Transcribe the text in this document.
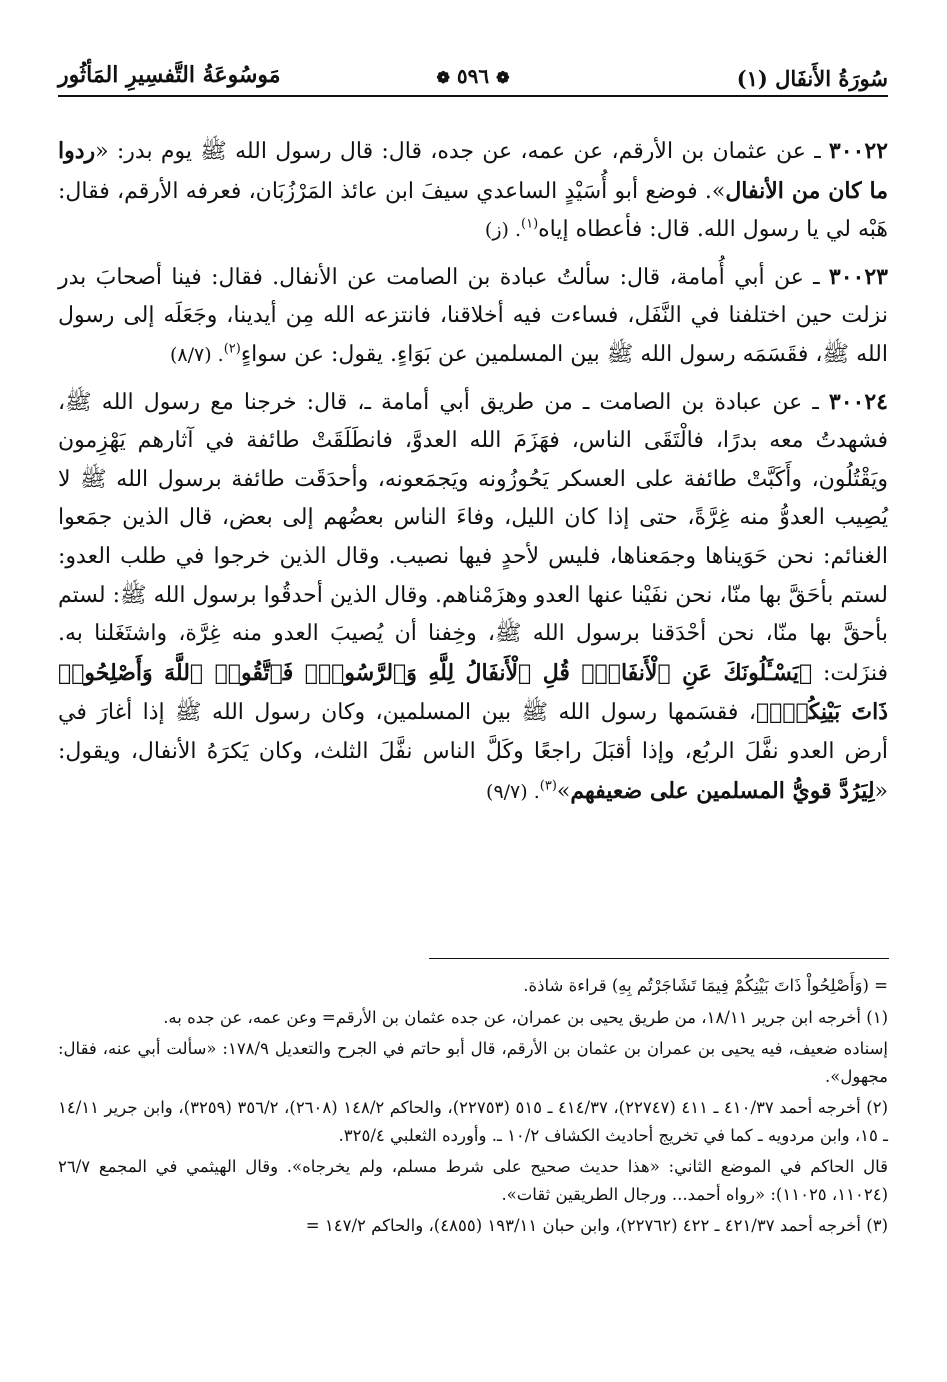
سُورَةُ الأَنفَال (١)
❁ ٥٩٦ ❁
مَوسُوعَةُ التَّفسِيرِ المَأثُور

٣٠٠٢٢ ـ عن عثمان بن الأرقم، عن عمه، عن جده، قال: قال رسول الله ﷺ يوم بدر: «ردوا ما كان من الأنفال». فوضع أبو أُسَيْدٍ الساعدي سيفَ ابن عائذ المَرْزُبَان، فعرفه الأرقم، فقال: هَبْه لي يا رسول الله. قال: فأعطاه إياه$^{(١)}$. (ز)

٣٠٠٢٣ ـ عن أبي أُمامة، قال: سألتُ عبادة بن الصامت عن الأنفال. فقال: فينا أصحابَ بدر نزلت حين اختلفنا في النَّفَل، فساءت فيه أخلاقنا، فانتزعه الله مِن أيدينا، وجَعَلَه إلى رسول الله ﷺ، فقَسَمَه رسول الله ﷺ بين المسلمين عن بَوَاءٍ. يقول: عن سواءٍ$^{(٢)}$. (٨/٧)

٣٠٠٢٤ ـ عن عبادة بن الصامت ـ من طريق أبي أمامة ـ، قال: خرجنا مع رسول الله ﷺ، فشهدتُ معه بدرًا، فالْتَقَى الناس، فهَزَمَ الله العدوَّ، فانطَلَقَتْ طائفة في آثارهم يَهْزِمون ويَقْتُلُون، وأَكَبَّتْ طائفة على العسكر يَحُوزُونه ويَجمَعونه، وأحدَقَت طائفة برسول الله ﷺ لا يُصِيب العدوُّ منه غِرَّةً، حتى إذا كان الليل، وفاءَ الناس بعضُهم إلى بعض، قال الذين جمَعوا الغنائم: نحن حَوَيناها وجمَعناها، فليس لأحدٍ فيها نصيب. وقال الذين خرجوا في طلب العدو: لستم بأحَقَّ بها منّا، نحن نفَيْنا عنها العدو وهزَمْناهم. وقال الذين أحدقُوا برسول الله ﷺ: لستم بأحقَّ بها منّا، نحن أحْدَقنا برسول الله ﷺ، وخِفنا أن يُصيبَ العدو منه غِرَّة، واشتَغَلنا به. فنزَلت: ﴿يَسْـَٔلُونَكَ عَنِ ٱلْأَنفَالِۖ قُلِ ٱلْأَنفَالُ لِلَّهِ وَٱلرَّسُولِۖ فَٱتَّقُوا۟ ٱللَّهَ وَأَصْلِحُوا۟ ذَاتَ بَيْنِكُمْۖ﴾، فقسَمها رسول الله ﷺ بين المسلمين، وكان رسول الله ﷺ إذا أغارَ في أرض العدو نفَّلَ الربُع، وإذا أقبَلَ راجعًا وكَلَّ الناس نفَّلَ الثلث، وكان يَكرَهُ الأنفال، ويقول: «لِيَرُدَّ قويُّ المسلمين على ضعيفهم»$^{(٣)}$. (٩/٧)

= (وَأَصْلِحُواْ ذَاتَ بَيْنِكُمْ فِيمَا تَشَاجَرْتُم بِهِ) قراءة شاذة.

(١) أخرجه ابن جرير ١٨/١١، من طريق يحيى بن عمران، عن جده عثمان بن الأرقم= وعن عمه، عن جده به.

إسناده ضعيف، فيه يحيى بن عمران بن عثمان بن الأرقم، قال أبو حاتم في الجرح والتعديل ١٧٨/٩: «سألت أبي عنه، فقال: مجهول».

(٢) أخرجه أحمد ٤١٠/٣٧ ـ ٤١١ (٢٢٧٤٧)، ٤١٤/٣٧ ـ ٥١٥ (٢٢٧٥٣)، والحاكم ١٤٨/٢ (٢٦٠٨)، ٣٥٦/٢ (٣٢٥٩)، وابن جرير ١٤/١١ ـ ١٥، وابن مردويه ـ كما في تخريج أحاديث الكشاف ١٠/٢ ـ. وأورده الثعلبي ٣٢٥/٤.

قال الحاكم في الموضع الثاني: «هذا حديث صحيح على شرط مسلم، ولم يخرجاه». وقال الهيثمي في المجمع ٢٦/٧ (١١٠٢٤، ١١٠٢٥): «رواه أحمد... ورجال الطريقين ثقات».

(٣) أخرجه أحمد ٤٢١/٣٧ ـ ٤٢٢ (٢٢٧٦٢)، وابن حبان ١٩٣/١١ (٤٨٥٥)، والحاكم ١٤٧/٢ =
